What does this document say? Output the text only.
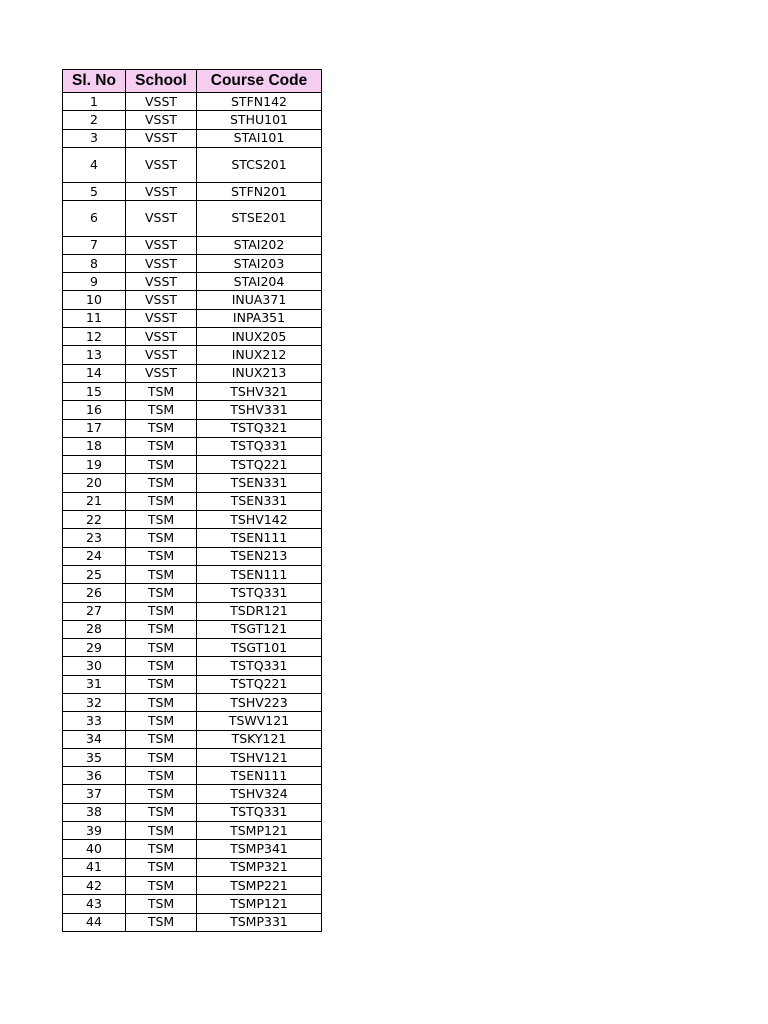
Sl. No	School	Course Code
1	VSST	STFN142
2	VSST	STHU101
3	VSST	STAI101
4	VSST	STCS201
5	VSST	STFN201
6	VSST	STSE201
7	VSST	STAI202
8	VSST	STAI203
9	VSST	STAI204
10	VSST	INUA371
11	VSST	INPA351
12	VSST	INUX205
13	VSST	INUX212
14	VSST	INUX213
15	TSM	TSHV321
16	TSM	TSHV331
17	TSM	TSTQ321
18	TSM	TSTQ331
19	TSM	TSTQ221
20	TSM	TSEN331
21	TSM	TSEN331
22	TSM	TSHV142
23	TSM	TSEN111
24	TSM	TSEN213
25	TSM	TSEN111
26	TSM	TSTQ331
27	TSM	TSDR121
28	TSM	TSGT121
29	TSM	TSGT101
30	TSM	TSTQ331
31	TSM	TSTQ221
32	TSM	TSHV223
33	TSM	TSWV121
34	TSM	TSKY121
35	TSM	TSHV121
36	TSM	TSEN111
37	TSM	TSHV324
38	TSM	TSTQ331
39	TSM	TSMP121
40	TSM	TSMP341
41	TSM	TSMP321
42	TSM	TSMP221
43	TSM	TSMP121
44	TSM	TSMP331
